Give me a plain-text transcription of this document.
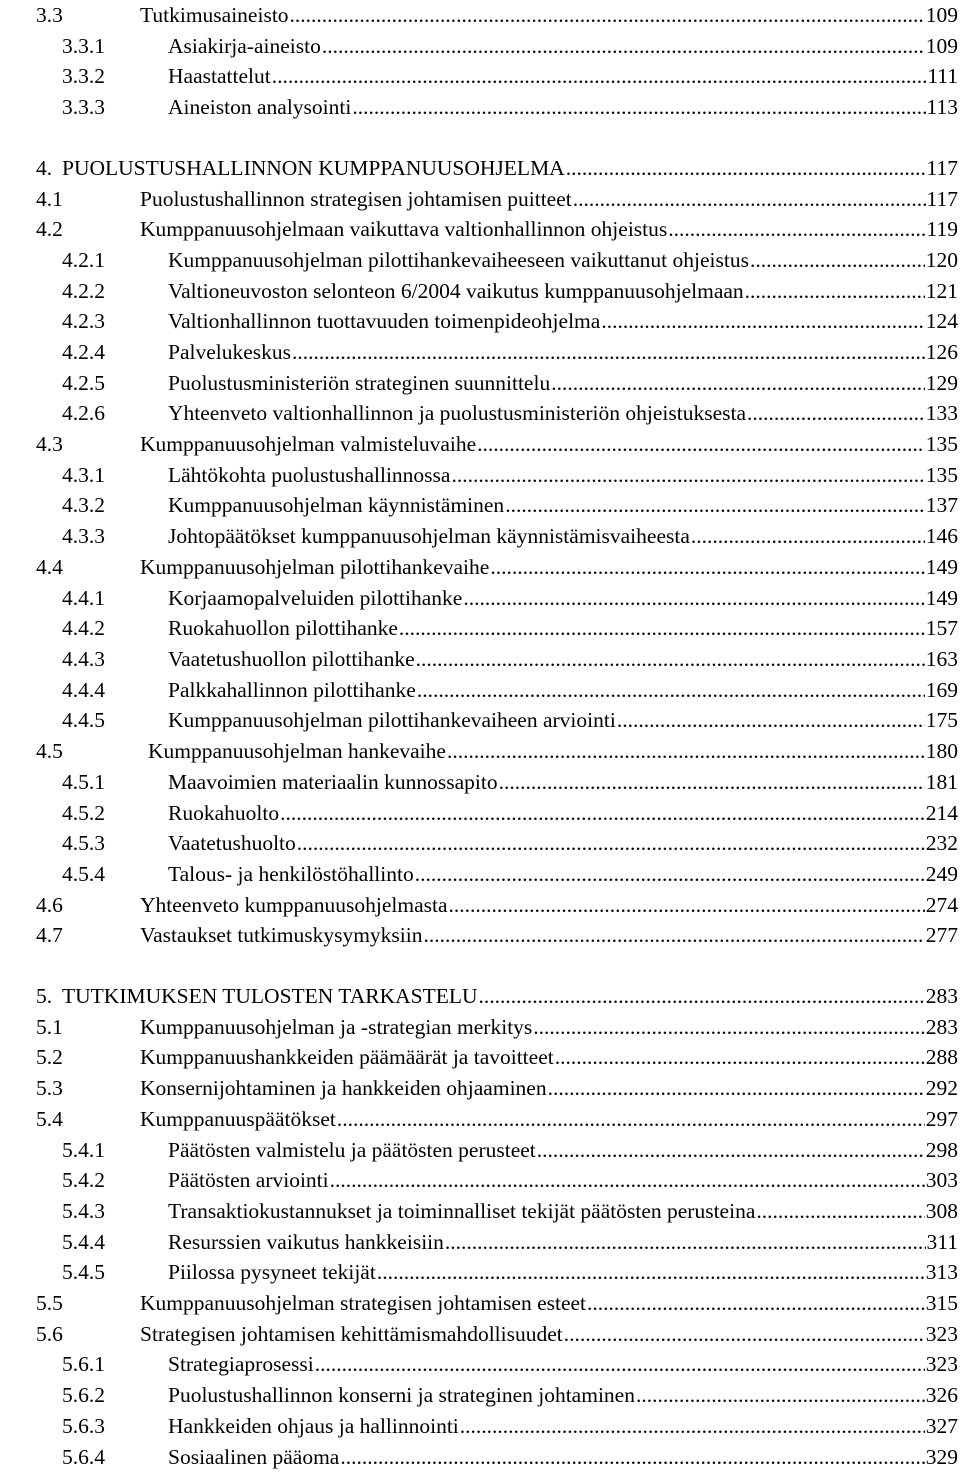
3.3	Tutkimusaineisto .....	109
3.3.1	Asiakirja-aineisto .....	109
3.3.2	Haastattelut .....	111
3.3.3	Aineiston analysointi .....	113
4. PUOLUSTUSHALLINNON KUMPPANUUSOHJELMA .....	117
4.1	Puolustushallinnon strategisen johtamisen puitteet .....	117
4.2	Kumppanuusohjelmaan vaikuttava valtionhallinnon ohjeistus .....	119
4.2.1	Kumppanuusohjelman pilottihankevaiheeseen vaikuttanut ohjeistus .....	120
4.2.2	Valtioneuvoston selonteon 6/2004 vaikutus kumppanuusohjelmaan .....	121
4.2.3	Valtionhallinnon tuottavuuden toimenpideohjelma .....	124
4.2.4	Palvelukeskus .....	126
4.2.5	Puolustusministeriön strateginen suunnittelu .....	129
4.2.6	Yhteenveto valtionhallinnon ja puolustusministeriön ohjeistuksesta .....	133
4.3	Kumppanuusohjelman valmisteluvaihe .....	135
4.3.1	Lähtökohta puolustushallinnossa .....	135
4.3.2	Kumppanuusohjelman käynnistäminen .....	137
4.3.3	Johtopäätökset kumppanuusohjelman käynnistämisvaiheesta .....	146
4.4	Kumppanuusohjelman pilottihankevaihe .....	149
4.4.1	Korjaamopalveluiden pilottihanke .....	149
4.4.2	Ruokahuollon pilottihanke .....	157
4.4.3	Vaatetushuollon pilottihanke .....	163
4.4.4	Palkkahallinnon pilottihanke .....	169
4.4.5	Kumppanuusohjelman pilottihankevaiheen arviointi .....	175
4.5	Kumppanuusohjelman hankevaihe .....	180
4.5.1	Maavoimien materiaalin kunnossapito .....	181
4.5.2	Ruokahuolto .....	214
4.5.3	Vaatetushuolto .....	232
4.5.4	Talous- ja henkilöstöhallinto .....	249
4.6	Yhteenveto kumppanuusohjelmasta .....	274
4.7	Vastaukset tutkimuskysymyksiin .....	277
5. TUTKIMUKSEN TULOSTEN TARKASTELU .....	283
5.1	Kumppanuusohjelman ja -strategian merkitys .....	283
5.2	Kumppanuushankkeiden päämäärät ja tavoitteet .....	288
5.3	Konsernijohtaminen ja hankkeiden ohjaaminen .....	292
5.4	Kumppanuuspäätökset .....	297
5.4.1	Päätösten valmistelu ja päätösten perusteet .....	298
5.4.2	Päätösten arviointi .....	303
5.4.3	Transaktiokustannukset ja toiminnalliset tekijät päätösten perusteina .....	308
5.4.4	Resurssien vaikutus hankkeisiin .....	311
5.4.5	Piilossa pysyneet tekijät .....	313
5.5	Kumppanuusohjelman strategisen johtamisen esteet .....	315
5.6	Strategisen johtamisen kehittämismahdollisuudet .....	323
5.6.1	Strategiaprosessi .....	323
5.6.2	Puolustushallinnon konserni ja strateginen johtaminen .....	326
5.6.3	Hankkeiden ohjaus ja hallinnointi .....	327
5.6.4	Sosiaalinen pääoma .....	329
